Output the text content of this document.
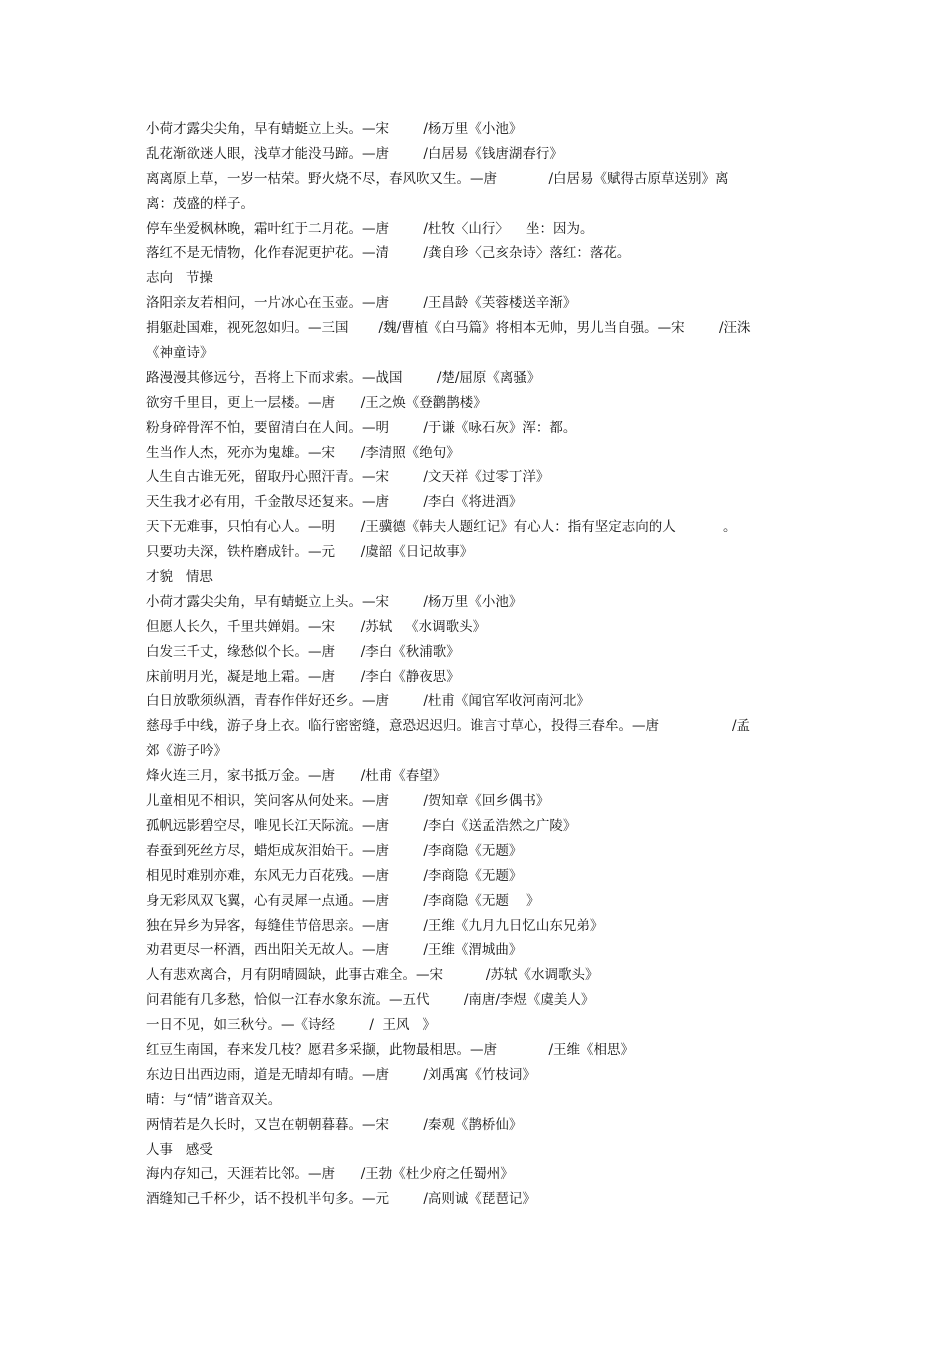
小荷才露尖尖角，早有蜻蜓立上头。—宋        /杨万里《小池》
乱花渐欲迷人眼，浅草才能没马蹄。—唐        /白居易《钱唐湖春行》
离离原上草，一岁一枯荣。野火烧不尽，春风吹又生。—唐            /白居易《赋得古原草送别》离
离：茂盛的样子。
停车坐爱枫林晚，霜叶红于二月花。—唐        /杜牧〈山行〉    坐：因为。
落红不是无情物，化作春泥更护花。—清        /龚自珍〈己亥杂诗〉落红：落花。
志向   节操
洛阳亲友若相问，一片冰心在玉壶。—唐        /王昌龄《芙蓉楼送辛渐》
捐躯赴国难，视死忽如归。—三国       /魏/曹植《白马篇》将相本无帅，男儿当自强。—宋        /汪洙
《神童诗》
路漫漫其修远兮，吾将上下而求索。—战国        /楚/屈原《离骚》
欲穷千里目，更上一层楼。—唐      /王之焕《登鹳鹊楼》
粉身碎骨浑不怕，要留清白在人间。—明        /于谦《咏石灰》浑：都。
生当作人杰，死亦为鬼雄。—宋      /李清照《绝句》
人生自古谁无死，留取丹心照汗青。—宋        /文天祥《过零丁洋》
天生我才必有用，千金散尽还复来。—唐        /李白《将进酒》
天下无难事，只怕有心人。—明      /王骥德《韩夫人题红记》有心人：指有坚定志向的人           。
只要功夫深，铁杵磨成针。—元      /虞韶《日记故事》
才貌   情思
小荷才露尖尖角，早有蜻蜓立上头。—宋        /杨万里《小池》
但愿人长久，千里共婵娟。—宋      /苏轼   《水调歌头》
白发三千丈，缘愁似个长。—唐      /李白《秋浦歌》
床前明月光，凝是地上霜。—唐      /李白《静夜思》
白日放歌须纵酒，青春作伴好还乡。—唐        /杜甫《闻官军收河南河北》
慈母手中线，游子身上衣。临行密密缝，意恐迟迟归。谁言寸草心，投得三春牟。—唐                 /孟
郊《游子吟》
烽火连三月，家书抵万金。—唐      /杜甫《春望》
儿童相见不相识，笑问客从何处来。—唐        /贺知章《回乡偶书》
孤帆远影碧空尽，唯见长江天际流。—唐        /李白《送孟浩然之广陵》
春蚕到死丝方尽，蜡炬成灰泪始干。—唐        /李商隐《无题》
相见时难别亦难，东风无力百花残。—唐        /李商隐《无题》
身无彩凤双飞翼，心有灵犀一点通。—唐        /李商隐《无题    》
独在异乡为异客，每缝佳节倍思亲。—唐        /王维《九月九日忆山东兄弟》
劝君更尽一杯酒，西出阳关无故人。—唐        /王维《渭城曲》
人有悲欢离合，月有阴晴圆缺，此事古难全。—宋          /苏轼《水调歌头》
问君能有几多愁，恰似一江春水象东流。—五代        /南唐/李煜《虞美人》
一日不见，如三秋兮。—《诗经        /  王风   》
红豆生南国，春来发几枝？愿君多采撷，此物最相思。—唐            /王维《相思》
东边日出西边雨，道是无晴却有晴。—唐        /刘禹寓《竹枝词》
晴：与“情”谐音双关。
两情若是久长时，又岂在朝朝暮暮。—宋        /秦观《鹊桥仙》
人事   感受
海内存知己，天涯若比邻。—唐      /王勃《杜少府之任蜀州》
酒缝知己千杯少，话不投机半句多。—元        /高则诚《琵琶记》
